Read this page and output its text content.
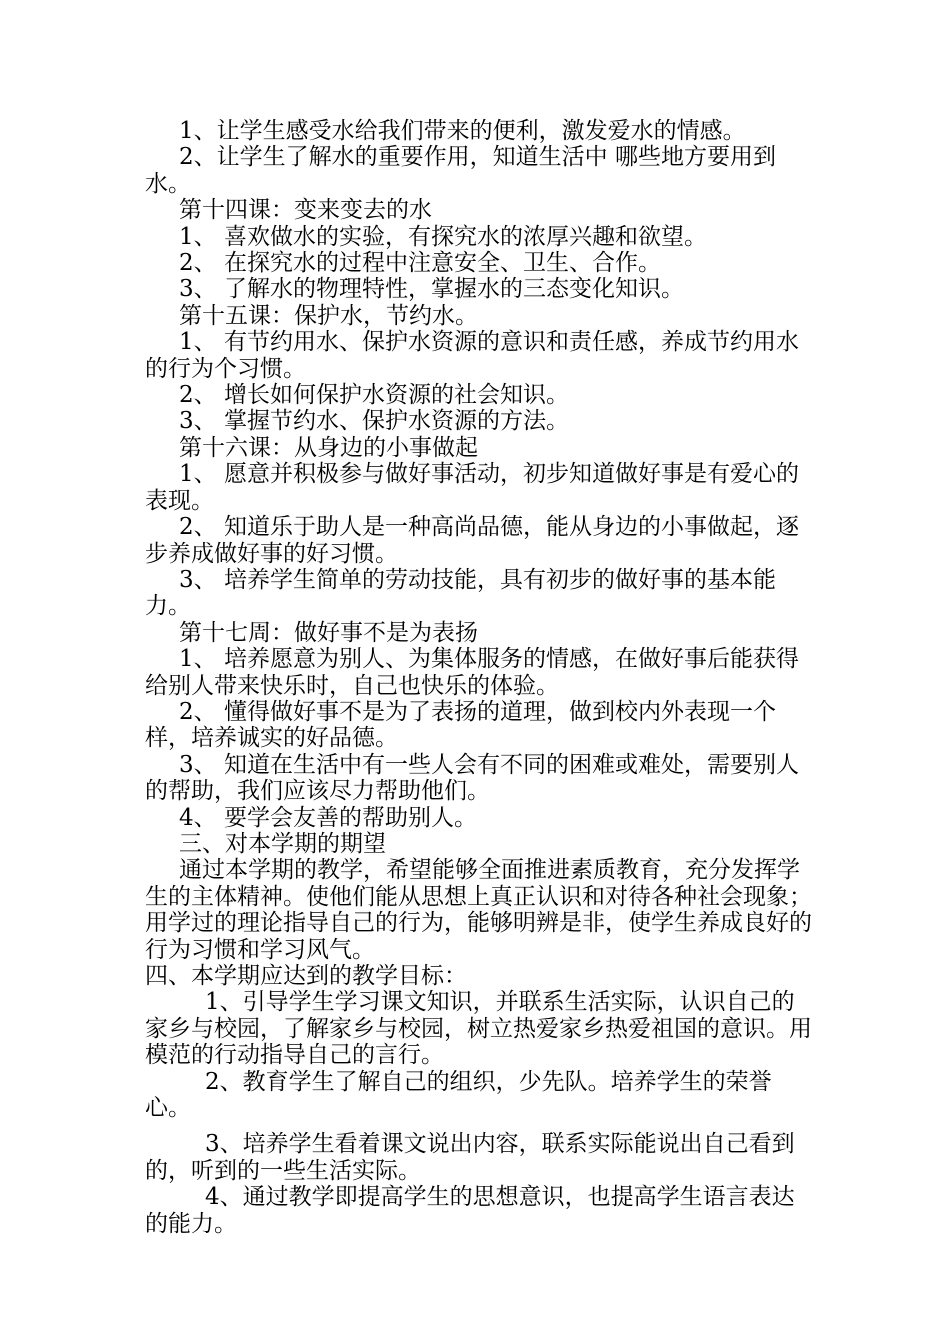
1、让学生感受水给我们带来的便利，激发爱水的情感。

2、让学生了解水的重要作用，知道生活中 哪些地方要用到水。

第十四课：变来变去的水

1、 喜欢做水的实验，有探究水的浓厚兴趣和欲望。

2、 在探究水的过程中注意安全、卫生、合作。

3、 了解水的物理特性，掌握水的三态变化知识。

第十五课：保护水，节约水。

1、 有节约用水、保护水资源的意识和责任感，养成节约用水的行为个习惯。

2、 增长如何保护水资源的社会知识。

3、 掌握节约水、保护水资源的方法。

第十六课：从身边的小事做起

1、 愿意并积极参与做好事活动，初步知道做好事是有爱心的表现。

2、 知道乐于助人是一种高尚品德，能从身边的小事做起，逐步养成做好事的好习惯。

3、 培养学生简单的劳动技能，具有初步的做好事的基本能力。

第十七周：做好事不是为表扬

1、 培养愿意为别人、为集体服务的情感，在做好事后能获得给别人带来快乐时，自己也快乐的体验。

2、 懂得做好事不是为了表扬的道理，做到校内外表现一个样，培养诚实的好品德。

3、 知道在生活中有一些人会有不同的困难或难处，需要别人的帮助，我们应该尽力帮助他们。

4、 要学会友善的帮助别人。

三、对本学期的期望

通过本学期的教学，希望能够全面推进素质教育，充分发挥学生的主体精神。使他们能从思想上真正认识和对待各种社会现象；用学过的理论指导自己的行为，能够明辨是非，使学生养成良好的行为习惯和学习风气。

四、本学期应达到的教学目标：

1、引导学生学习课文知识，并联系生活实际，认识自己的家乡与校园，了解家乡与校园，树立热爱家乡热爱祖国的意识。用模范的行动指导自己的言行。

2、教育学生了解自己的组织，少先队。培养学生的荣誉心。

3、培养学生看着课文说出内容，联系实际能说出自己看到的，听到的一些生活实际。

4、通过教学即提高学生的思想意识，也提高学生语言表达的能力。
